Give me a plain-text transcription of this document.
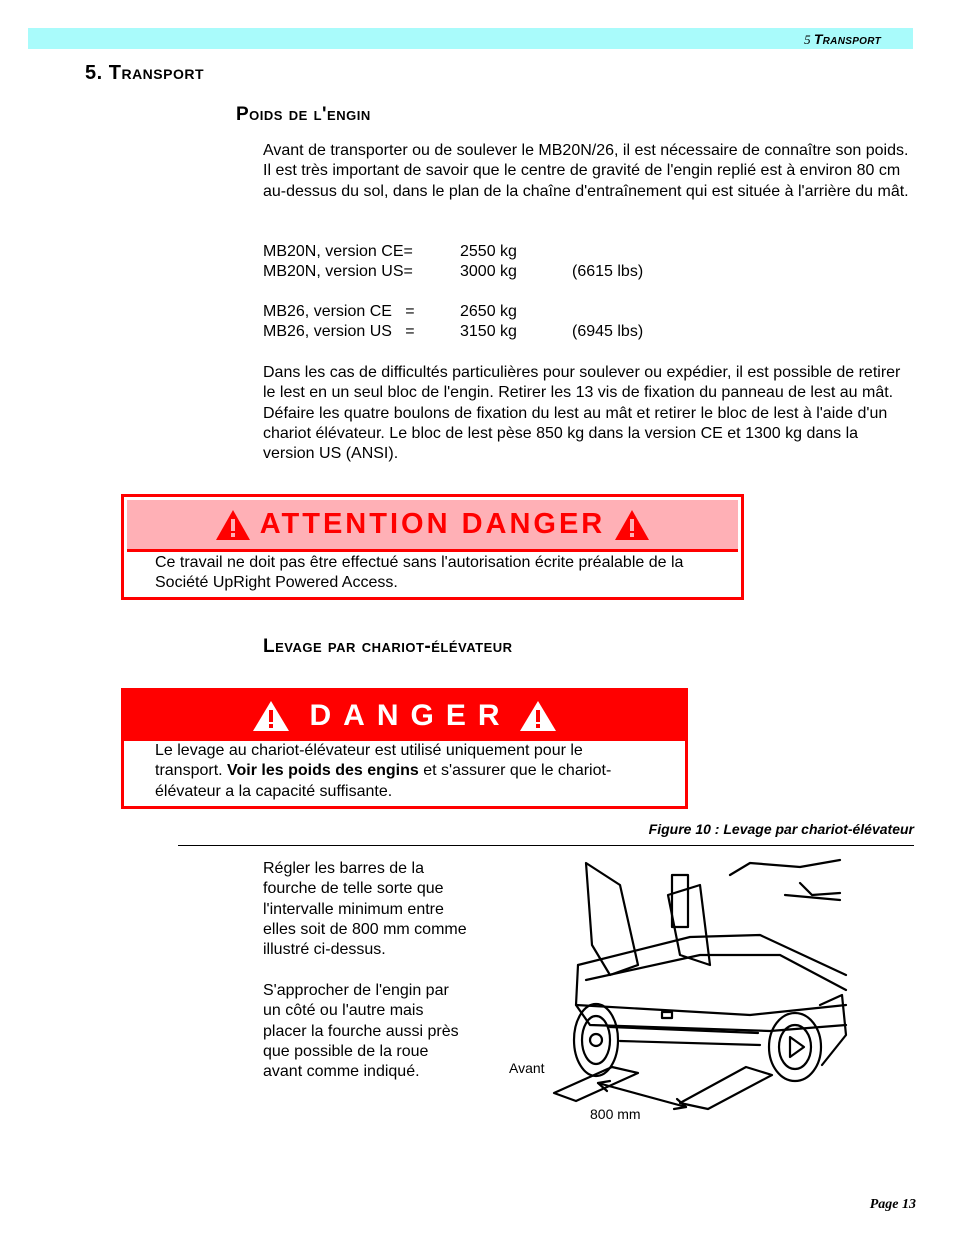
5 Transport
5. Transport
Poids de l'engin
Avant de transporter ou de soulever le MB20N/26, il est nécessaire de connaître son poids. Il est très important de savoir que le centre de gravité de l'engin replié est à environ 80 cm au-dessus du sol, dans le plan de la chaîne d'entraînement qui est située à l'arrière du mât.
MB20N, version CE=	2550 kg
MB20N, version US=	3000 kg	(6615 lbs)
MB26, version CE   =	2650 kg
MB26, version US   =	3150 kg	(6945 lbs)
Dans les cas de difficultés particulières pour soulever ou expédier, il est possible de retirer le lest en un seul bloc de l'engin. Retirer les 13 vis de fixation du panneau de lest au mât. Défaire les quatre boulons de fixation du lest au mât et retirer le bloc de lest à l'aide d'un chariot élévateur. Le bloc de lest pèse 850 kg dans la version CE et 1300 kg dans la version US (ANSI).
ATTENTION DANGER
Ce travail ne doit pas être effectué sans l'autorisation écrite préalable de la Société UpRight Powered Access.
Levage par chariot-élévateur
DANGER
Le levage au chariot-élévateur est utilisé uniquement pour le transport. Voir les poids des engins et s'assurer que le chariot-élévateur a la capacité suffisante.
Figure 10 : Levage par chariot-élévateur
Régler les barres de la fourche de telle sorte que l'intervalle minimum entre elles soit de 800 mm comme illustré ci-dessus.
S'approcher de l'engin par un côté ou l'autre mais placer la fourche aussi près que possible de la roue avant comme indiqué.	Avant
800 mm
Page 13
